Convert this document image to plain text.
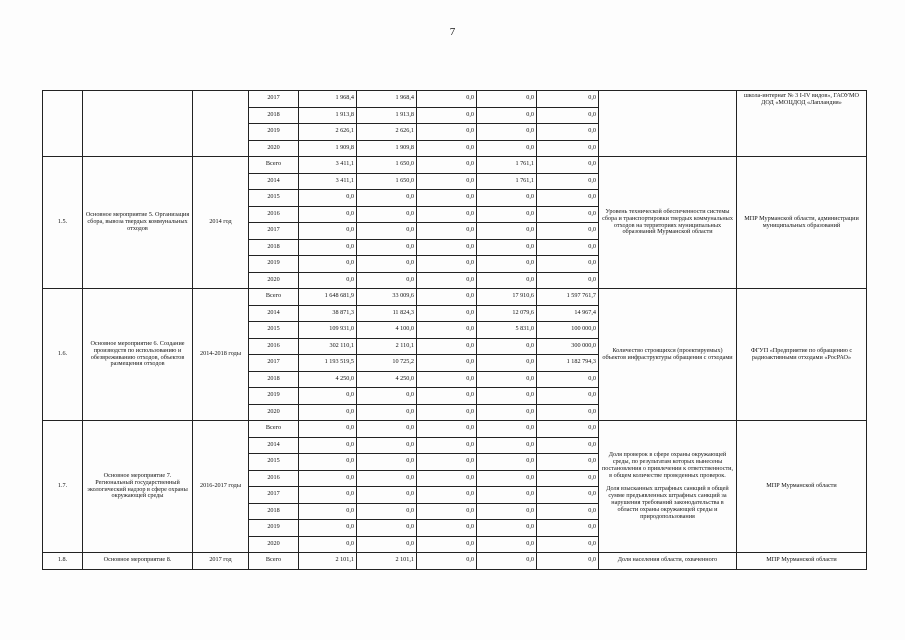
7
			2017	1 968,4	1 968,4	0,0	0,0	0,0		школа-интернат № 3 I-IV видов», ГАОУМО ДОД «МОЦДОД «Лапландия»
			2018	1 913,8	1 913,8	0,0	0,0	0,0		
			2019	2 626,1	2 626,1	0,0	0,0	0,0		
			2020	1 909,8	1 909,8	0,0	0,0	0,0		
1.5.	Основное мероприятие 5. Организация сбора, вывоза твердых коммунальных отходов	2014 год	Всего	3 411,1	1 650,0	0,0	1 761,1	0,0	Уровень технической обеспеченности системы сбора и транспортировки твердых коммунальных отходов на территориях муниципальных образований Мурманской области	МПР Мурманской области, администрации муниципальных образований
			2014	3 411,1	1 650,0	0,0	1 761,1	0,0		
			2015	0,0	0,0	0,0	0,0	0,0		
			2016	0,0	0,0	0,0	0,0	0,0		
			2017	0,0	0,0	0,0	0,0	0,0		
			2018	0,0	0,0	0,0	0,0	0,0		
			2019	0,0	0,0	0,0	0,0	0,0		
			2020	0,0	0,0	0,0	0,0	0,0		
1.6.	Основное мероприятие 6. Создание производств по использованию и обезвреживанию отходов, объектов размещения отходов	2014-2018 годы	Всего	1 648 681,9	33 009,6	0,0	17 910,6	1 597 761,7	Количество строящихся (проектируемых) объектов инфраструктуры обращения с отходами	ФГУП «Предприятие по обращению с радиоактивными отходами «РосРАО»
			2014	38 871,3	11 824,3	0,0	12 079,6	14 967,4		
			2015	109 931,0	4 100,0	0,0	5 831,0	100 000,0		
			2016	302 110,1	2 110,1	0,0	0,0	300 000,0		
			2017	1 193 519,5	10 725,2	0,0	0,0	1 182 794,3		
			2018	4 250,0	4 250,0	0,0	0,0	0,0		
			2019	0,0	0,0	0,0	0,0	0,0		
			2020	0,0	0,0	0,0	0,0	0,0		
1.7.	Основное мероприятие 7. Региональный государственный экологический надзор в сфере охраны окружающей среды	2016-2017 годы	Всего	0,0	0,0	0,0	0,0	0,0	Доля проверок в сфере охраны окружающей среды, по результатам которых вынесены постановления о привлечении к ответственности, в общем количестве проведенных проверок.
Доля взысканных штрафных санкций в общей сумме предъявленных штрафных санкций за нарушения требований законодательства в области охраны окружающей среды и природопользования	МПР Мурманской области
			2014	0,0	0,0	0,0	0,0	0,0		
			2015	0,0	0,0	0,0	0,0	0,0		
			2016	0,0	0,0	0,0	0,0	0,0		
			2017	0,0	0,0	0,0	0,0	0,0		
			2018	0,0	0,0	0,0	0,0	0,0		
			2019	0,0	0,0	0,0	0,0	0,0		
			2020	0,0	0,0	0,0	0,0	0,0		
1.8.	Основное мероприятие 8.	2017 год	Всего	2 101,1	2 101,1	0,0	0,0	0,0	Доля населения области, охваченного	МПР Мурманской области
